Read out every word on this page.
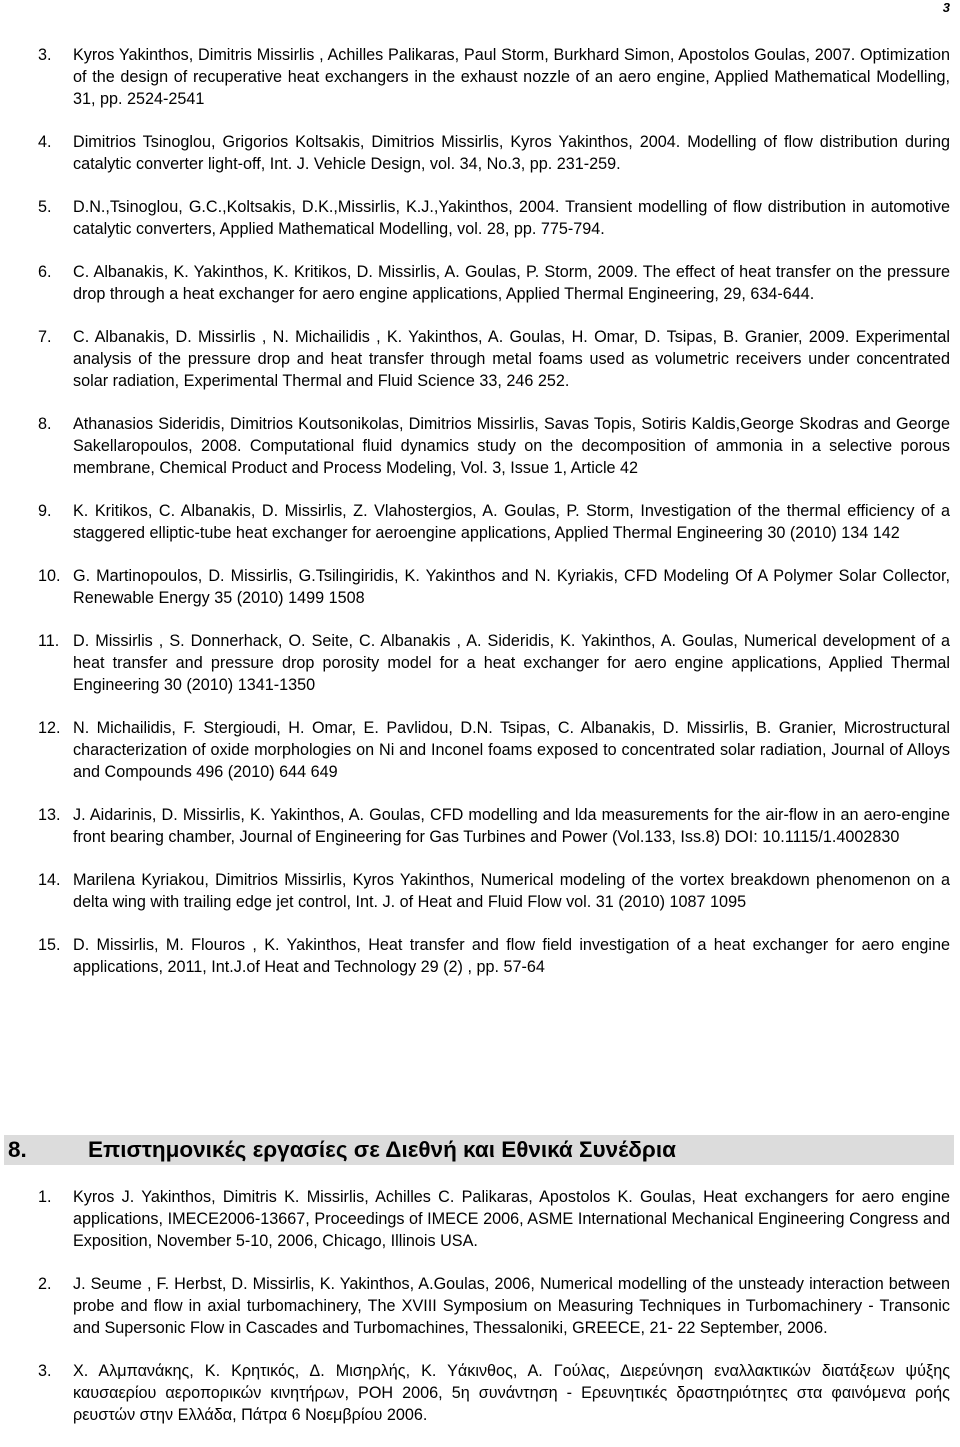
3
3.	Kyros Yakinthos, Dimitris Missirlis , Achilles Palikaras, Paul Storm, Burkhard Simon, Apostolos Goulas, 2007. Optimization of the design of recuperative heat exchangers in the exhaust nozzle of an aero engine, Applied Mathematical Modelling, 31, pp. 2524-2541
4.	Dimitrios Tsinoglou, Grigorios Koltsakis, Dimitrios Missirlis, Kyros Yakinthos, 2004. Modelling of flow distribution during catalytic converter light-off, Int. J. Vehicle Design, vol. 34, No.3, pp. 231-259.
5.	D.N.,Tsinoglou, G.C.,Koltsakis, D.K.,Missirlis, K.J.,Yakinthos, 2004. Transient modelling of flow distribution in automotive catalytic converters, Applied Mathematical Modelling, vol. 28, pp. 775-794.
6.	C. Albanakis, K. Yakinthos, K. Kritikos, D. Missirlis, A. Goulas, P. Storm, 2009. The effect of heat transfer on the pressure drop through a heat exchanger for aero engine applications, Applied Thermal Engineering, 29, 634-644.
7.	C. Albanakis, D. Missirlis , N. Michailidis , K. Yakinthos, A. Goulas, H. Omar, D. Tsipas, B. Granier, 2009. Experimental analysis of the pressure drop and heat transfer through metal foams used as volumetric receivers under concentrated solar radiation, Experimental Thermal and Fluid Science 33, 246 252.
8.	Athanasios Sideridis, Dimitrios Koutsonikolas, Dimitrios Missirlis, Savas Topis, Sotiris Kaldis,George Skodras and George Sakellaropoulos, 2008. Computational fluid dynamics study on the decomposition of ammonia in a selective porous membrane, Chemical Product and Process Modeling, Vol. 3, Issue 1, Article 42
9.	K. Kritikos, C. Albanakis, D. Missirlis, Z. Vlahostergios, A. Goulas, P. Storm, Investigation of the thermal efficiency of a staggered elliptic-tube heat exchanger for aeroengine applications, Applied Thermal Engineering 30 (2010) 134 142
10. G. Martinopoulos, D. Missirlis, G.Tsilingiridis, K. Yakinthos and N. Kyriakis, CFD Modeling Of A Polymer Solar Collector, Renewable Energy 35 (2010) 1499 1508
11. D. Missirlis , S. Donnerhack, O. Seite, C. Albanakis , A. Sideridis, K. Yakinthos, A. Goulas, Numerical development of a heat transfer and pressure drop porosity model for a heat exchanger for aero engine applications, Applied Thermal Engineering 30 (2010) 1341-1350
12. N. Michailidis, F. Stergioudi, H. Omar, E. Pavlidou, D.N. Tsipas, C. Albanakis, D. Missirlis, B. Granier, Microstructural characterization of oxide morphologies on Ni and Inconel foams exposed to concentrated solar radiation, Journal of Alloys and Compounds 496 (2010) 644 649
13. J. Aidarinis, D. Missirlis, K. Yakinthos, A. Goulas, CFD modelling and lda measurements for the air-flow in an aero-engine front bearing chamber, Journal of Engineering for Gas Turbines and Power (Vol.133, Iss.8) DOI: 10.1115/1.4002830
14. Marilena Kyriakou, Dimitrios Missirlis, Kyros Yakinthos, Numerical modeling of the vortex breakdown phenomenon on a delta wing with trailing edge jet control, Int. J. of Heat and Fluid Flow vol. 31 (2010) 1087 1095
15. D. Missirlis, M. Flouros , K. Yakinthos, Heat transfer and flow field investigation of a heat exchanger for aero engine applications, 2011, Int.J.of Heat and Technology 29 (2) , pp. 57-64
8.	Επιστημονικές εργασίες σε Διεθνή και Εθνικά Συνέδρια
1.	Kyros J. Yakinthos, Dimitris K. Missirlis, Achilles C. Palikaras, Apostolos K. Goulas, Heat exchangers for aero engine applications, IMECE2006-13667, Proceedings of IMECE 2006, ASME International Mechanical Engineering Congress and Exposition, November 5-10, 2006, Chicago, Illinois USA.
2.	J. Seume , F. Herbst, D. Missirlis, K. Yakinthos, A.Goulas, 2006, Numerical modelling of the unsteady interaction between probe and flow in axial turbomachinery, The XVIII Symposium on Measuring Techniques in Turbomachinery - Transonic and Supersonic Flow in Cascades and Turbomachines, Thessaloniki, GREECE, 21- 22 September, 2006.
3.	Χ. Αλμπανάκης, Κ. Κρητικός, Δ. Μισηρλής, Κ. Υάκινθος, Α. Γούλας, Διερεύνηση εναλλακτικών διατάξεων ψύξης καυσαερίου αεροπορικών κινητήρων, ΡΟΗ 2006, 5η συνάντηση - Ερευνητικές δραστηριότητες στα φαινόμενα ροής ρευστών στην Ελλάδα, Πάτρα 6 Νοεμβρίου 2006.
